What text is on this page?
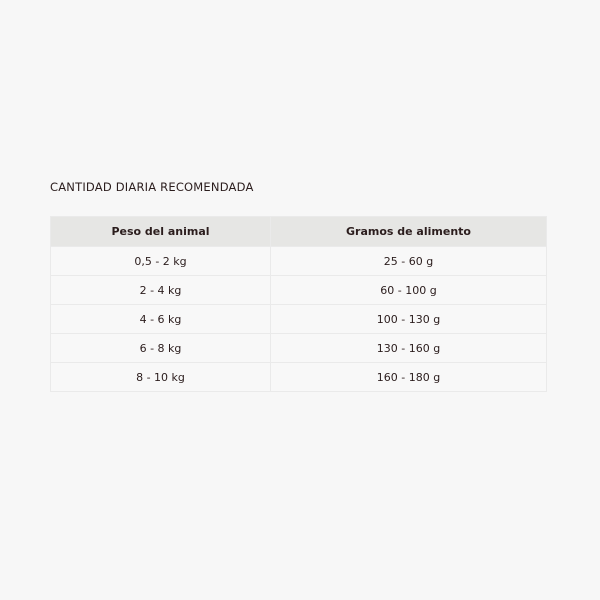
CANTIDAD DIARIA RECOMENDADA
Peso del animal	Gramos de alimento
0,5 - 2 kg	25 - 60 g
2 - 4 kg	60 - 100 g
4 - 6 kg	100 - 130 g
6 - 8 kg	130 - 160 g
8 - 10 kg	160 - 180 g
